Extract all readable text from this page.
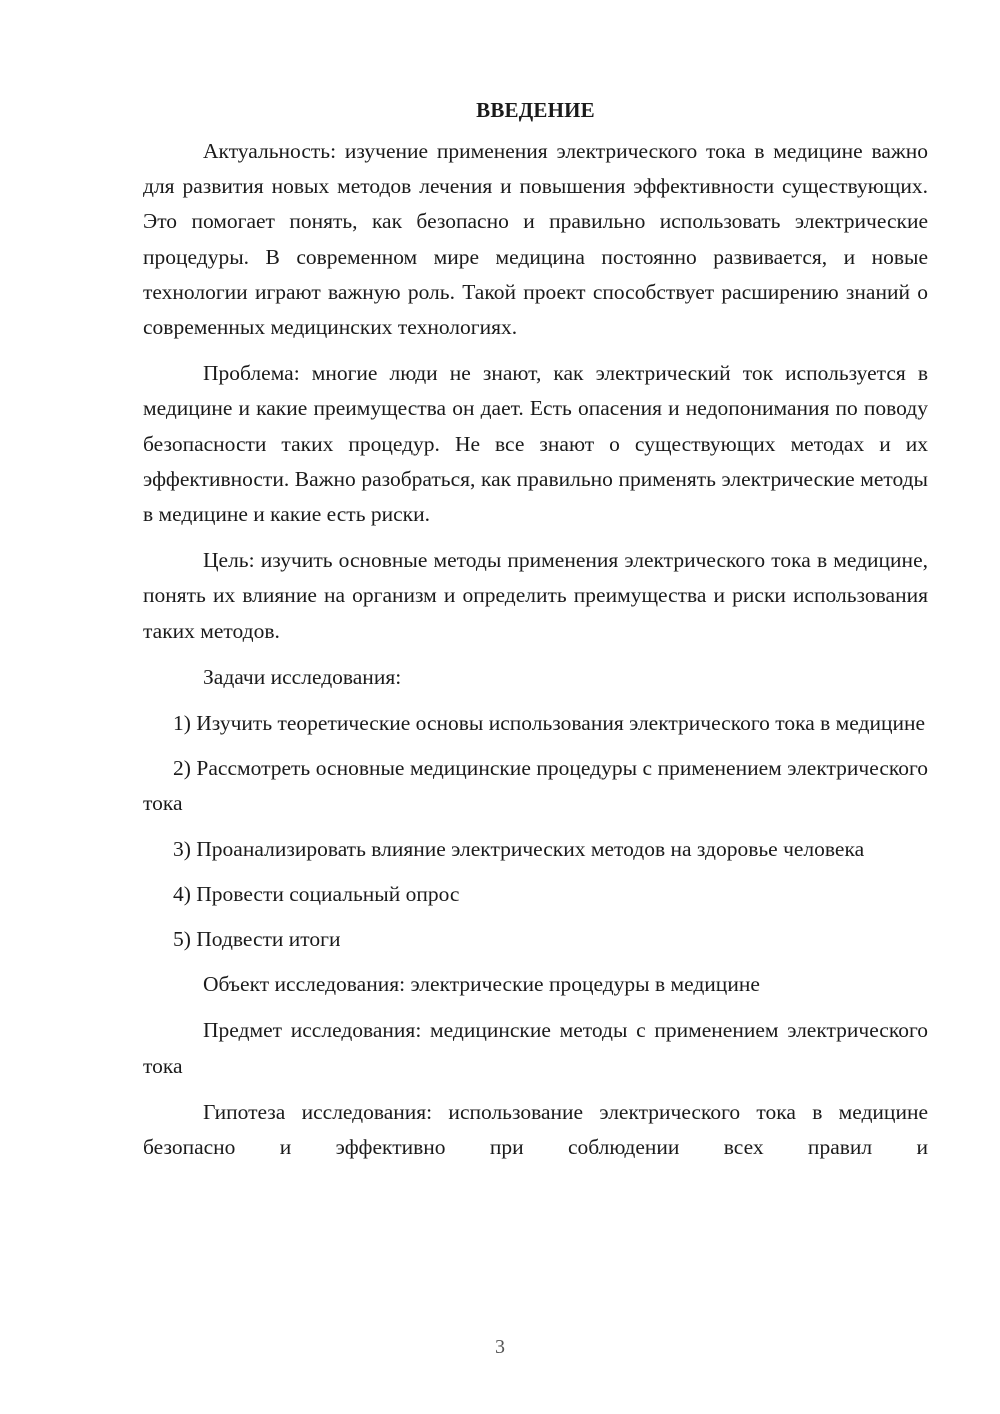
ВВЕДЕНИЕ

Актуальность: изучение применения электрического тока в медицине важно для развития новых методов лечения и повышения эффективности существующих. Это помогает понять, как безопасно и правильно использовать электрические процедуры. В современном мире медицина постоянно развивается, и новые технологии играют важную роль. Такой проект способствует расширению знаний о современных медицинских технологиях.

Проблема: многие люди не знают, как электрический ток используется в медицине и какие преимущества он дает. Есть опасения и недопонимания по поводу безопасности таких процедур. Не все знают о существующих методах и их эффективности. Важно разобраться, как правильно применять электрические методы в медицине и какие есть риски.

Цель: изучить основные методы применения электрического тока в медицине, понять их влияние на организм и определить преимущества и риски использования таких методов.

Задачи исследования:

1) Изучить теоретические основы использования электрического тока в медицине

2) Рассмотреть основные медицинские процедуры с применением электрического тока

3) Проанализировать влияние электрических методов на здоровье человека

4) Провести социальный опрос

5) Подвести итоги

Объект исследования: электрические процедуры в медицине

Предмет исследования: медицинские методы с применением электрического тока

Гипотеза исследования: использование электрического тока в медицине безопасно и эффективно при соблюдении всех правил и

3
